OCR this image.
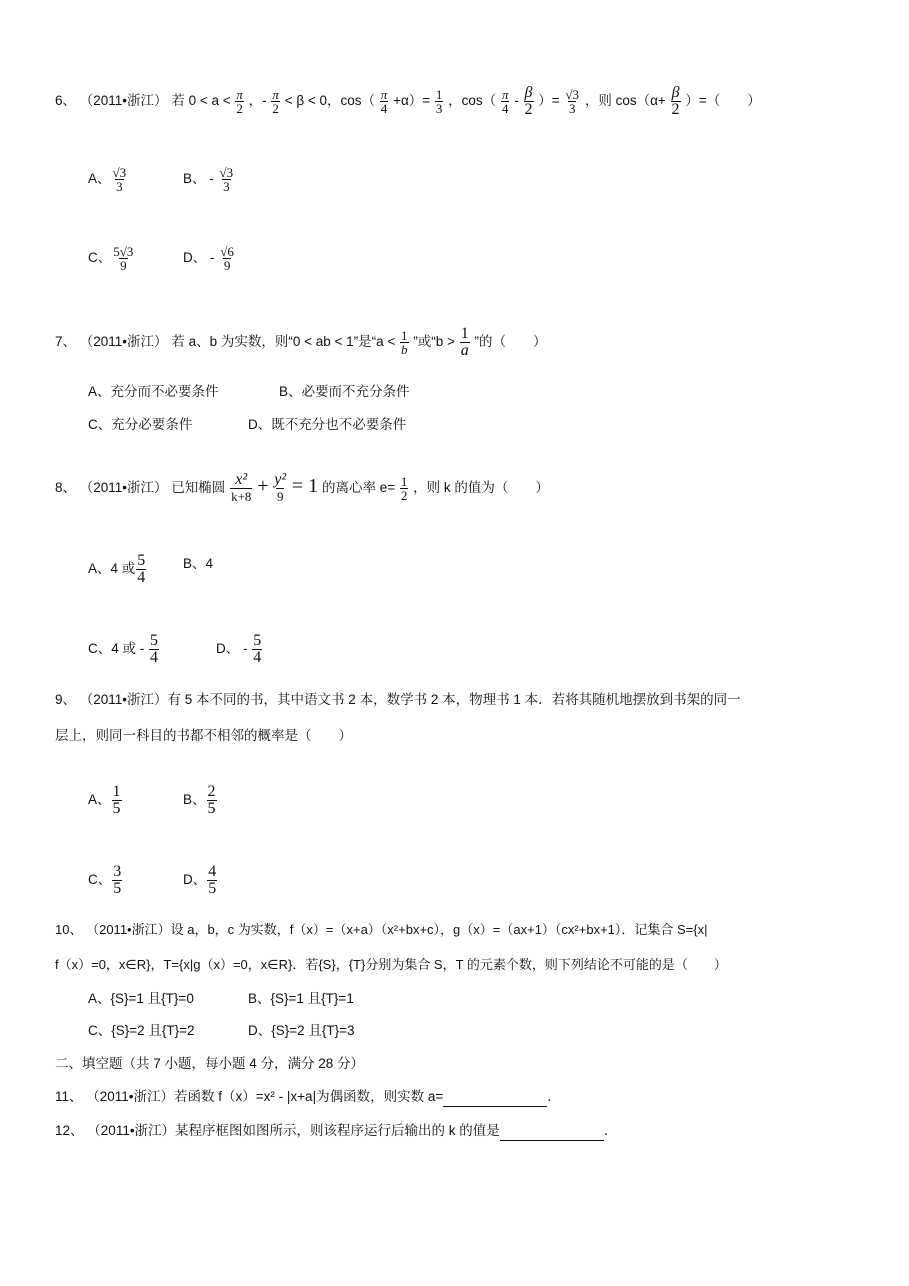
6、 （2011•浙江） 若 $0 < a < \frac{\pi}{2}$ ，- $\frac{\pi}{2} < \beta < 0$，$\cos( \frac{\pi}{4} +\alpha)= \frac{1}{3}$ ，$\cos( \frac{\pi}{4} - \frac{\beta}{2}$ ）= $\frac{√3}{3}$ ，则 $\cos(\alpha+ \frac{\beta}{2}$ ）=（　　）
A、 $\frac{√3}{3}$	B、 - $\frac{√3}{3}$
C、 $\frac{5√3}{9}$	D、 - $\frac{√6}{9}$
7、 （2011•浙江） 若 a、b 为实数，则“0 < ab < 1”是“$a < \frac{1}{b}$ ”或“$b > \frac{1}{a}$ ”的（　　）
A、充分而不必要条件	B、必要而不充分条件
C、充分必要条件	D、既不充分也不必要条件
8、 （2011•浙江） 已知椭圆 $\frac{\text{x²}}{k+8} + \frac{\text{y²}}{9} = 1$ 的离心率 $e= \frac{1}{2}$ ，则 k 的值为（　　）
A、4 或 $\frac{5}{4}$	B、4
C、4 或 - $\frac{5}{4}$	D、 - $\frac{5}{4}$
9、 （2011•浙江）有 5 本不同的书，其中语文书 2 本，数学书 2 本，物理书 1 本．若将其随机地摆放到书架的同一
层上，则同一科目的书都不相邻的概率是（　　）
A、 $\frac{1}{5}$	B、 $\frac{2}{5}$
C、 $\frac{3}{5}$	D、 $\frac{4}{5}$
10、 （2011•浙江）设 a，b，c 为实数，f（x）=（x+a）（x²+bx+c），g（x）=（ax+1）（cx²+bx+1）．记集合 S={x|
f（x）=0，x∈R}，T={x|g（x）=0，x∈R}．若{S}，{T}分别为集合 S，T 的元素个数，则下列结论不可能的是（　　）
A、{S}=1 且{T}=0	B、{S}=1 且{T}=1
C、{S}=2 且{T}=2	D、{S}=2 且{T}=3
二、填空题（共 7 小题，每小题 4 分，满分 28 分）
11、 （2011•浙江）若函数 f（x）=x² - |x+a|为偶函数，则实数 a=	．
12、 （2011•浙江）某程序框图如图所示，则该程序运行后输出的 k 的值是	．
